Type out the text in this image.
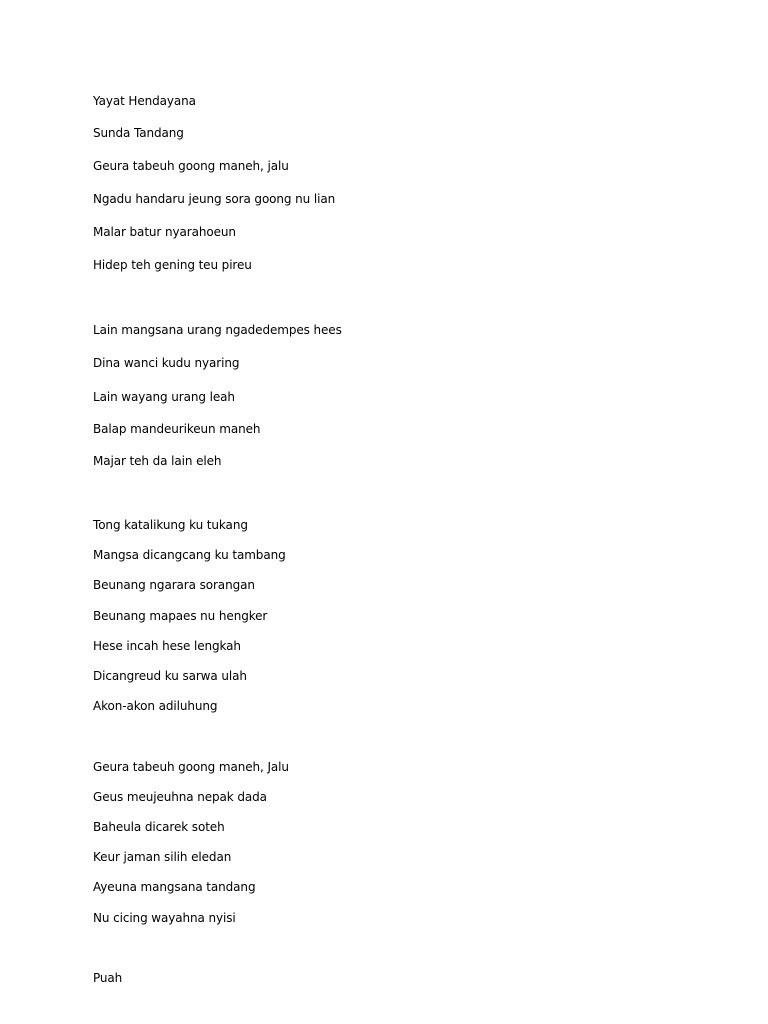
Yayat Hendayana
Sunda Tandang
Geura tabeuh goong maneh, jalu
Ngadu handaru jeung sora goong nu lian
Malar batur nyarahoeun
Hidep teh gening teu pireu
Lain mangsana urang ngadedempes hees
Dina wanci kudu nyaring
Lain wayang urang leah
Balap mandeurikeun maneh
Majar teh da lain eleh
Tong katalikung ku tukang
Mangsa dicangcang ku tambang
Beunang ngarara sorangan
Beunang mapaes nu hengker
Hese incah hese lengkah
Dicangreud ku sarwa ulah
Akon-akon adiluhung
Geura tabeuh goong maneh, Jalu
Geus meujeuhna nepak dada
Baheula dicarek soteh
Keur jaman silih eledan
Ayeuna mangsana tandang
Nu cicing wayahna nyisi
Puah
